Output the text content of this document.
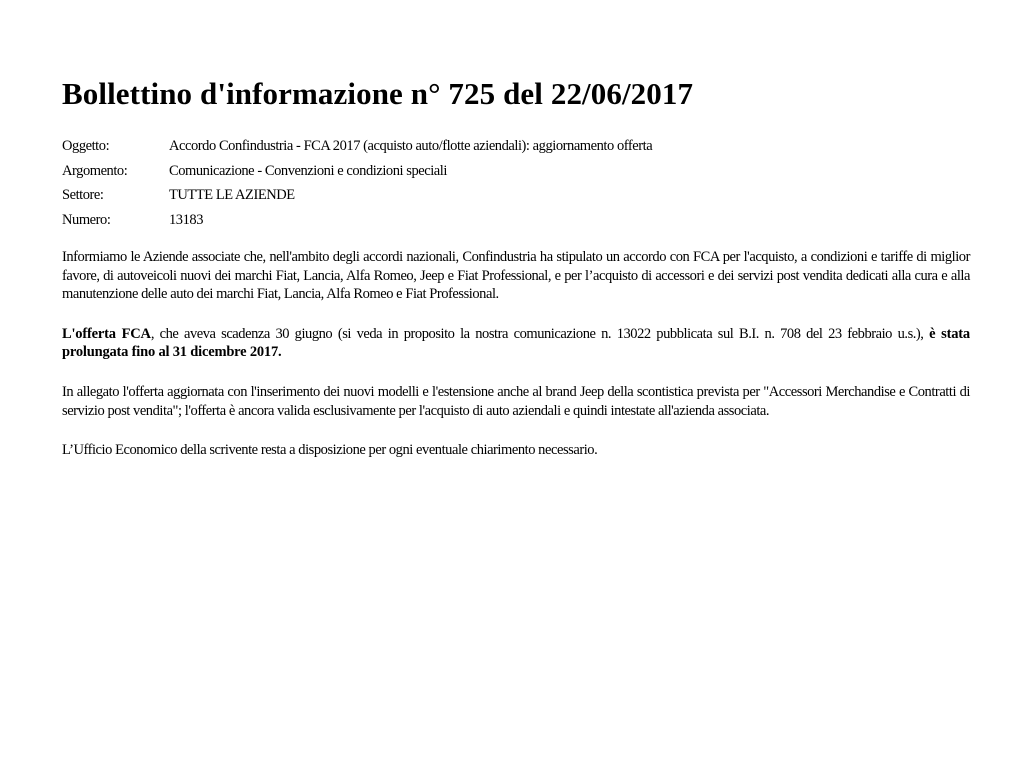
Bollettino d'informazione n° 725 del 22/06/2017
Oggetto:	Accordo Confindustria - FCA 2017 (acquisto auto/flotte aziendali): aggiornamento offerta
Argomento:	Comunicazione - Convenzioni e condizioni speciali
Settore:	TUTTE LE AZIENDE
Numero:	13183

Informiamo le Aziende associate che, nell'ambito degli accordi nazionali, Confindustria ha stipulato un accordo con FCA per l'acquisto, a condizioni e tariffe di miglior favore, di autoveicoli nuovi dei marchi Fiat, Lancia, Alfa Romeo, Jeep e Fiat Professional, e per l’acquisto di accessori e dei servizi post vendita dedicati alla cura e alla manutenzione delle auto dei marchi Fiat, Lancia, Alfa Romeo e Fiat Professional.

L'offerta FCA, che aveva scadenza 30 giugno (si veda in proposito la nostra comunicazione n. 13022 pubblicata sul B.I. n. 708 del 23 febbraio u.s.), è stata prolungata fino al 31 dicembre 2017.

In allegato l'offerta aggiornata con l'inserimento dei nuovi modelli e l'estensione anche al brand Jeep della scontistica prevista per "Accessori Merchandise e Contratti di servizio post vendita"; l'offerta è ancora valida esclusivamente per l'acquisto di auto aziendali e quindi intestate all'azienda associata.

L’Ufficio Economico della scrivente resta a disposizione per ogni eventuale chiarimento necessario.
